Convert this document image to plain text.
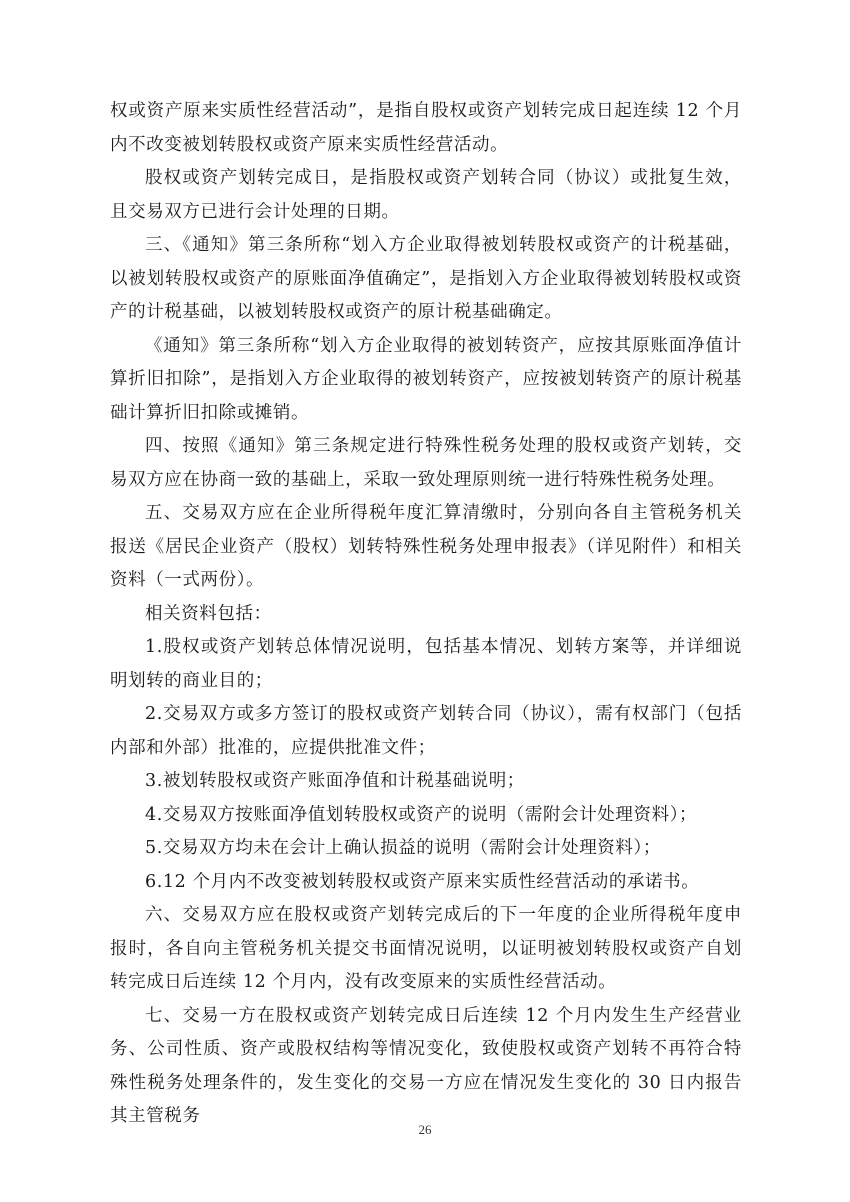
权或资产原来实质性经营活动”，是指自股权或资产划转完成日起连续 12 个月内不改变被划转股权或资产原来实质性经营活动。

股权或资产划转完成日，是指股权或资产划转合同（协议）或批复生效，且交易双方已进行会计处理的日期。

三、《通知》第三条所称“划入方企业取得被划转股权或资产的计税基础，以被划转股权或资产的原账面净值确定”，是指划入方企业取得被划转股权或资产的计税基础，以被划转股权或资产的原计税基础确定。

《通知》第三条所称“划入方企业取得的被划转资产，应按其原账面净值计算折旧扣除”，是指划入方企业取得的被划转资产，应按被划转资产的原计税基础计算折旧扣除或摊销。

四、按照《通知》第三条规定进行特殊性税务处理的股权或资产划转，交易双方应在协商一致的基础上，采取一致处理原则统一进行特殊性税务处理。

五、交易双方应在企业所得税年度汇算清缴时，分别向各自主管税务机关报送《居民企业资产（股权）划转特殊性税务处理申报表》（详见附件）和相关资料（一式两份）。

相关资料包括：

1.股权或资产划转总体情况说明，包括基本情况、划转方案等，并详细说明划转的商业目的；

2.交易双方或多方签订的股权或资产划转合同（协议），需有权部门（包括内部和外部）批准的，应提供批准文件；

3.被划转股权或资产账面净值和计税基础说明；

4.交易双方按账面净值划转股权或资产的说明（需附会计处理资料）；

5.交易双方均未在会计上确认损益的说明（需附会计处理资料）；

6.12 个月内不改变被划转股权或资产原来实质性经营活动的承诺书。

六、交易双方应在股权或资产划转完成后的下一年度的企业所得税年度申报时，各自向主管税务机关提交书面情况说明，以证明被划转股权或资产自划转完成日后连续 12 个月内，没有改变原来的实质性经营活动。

七、交易一方在股权或资产划转完成日后连续 12 个月内发生生产经营业务、公司性质、资产或股权结构等情况变化，致使股权或资产划转不再符合特殊性税务处理条件的，发生变化的交易一方应在情况发生变化的 30 日内报告其主管税务

26
